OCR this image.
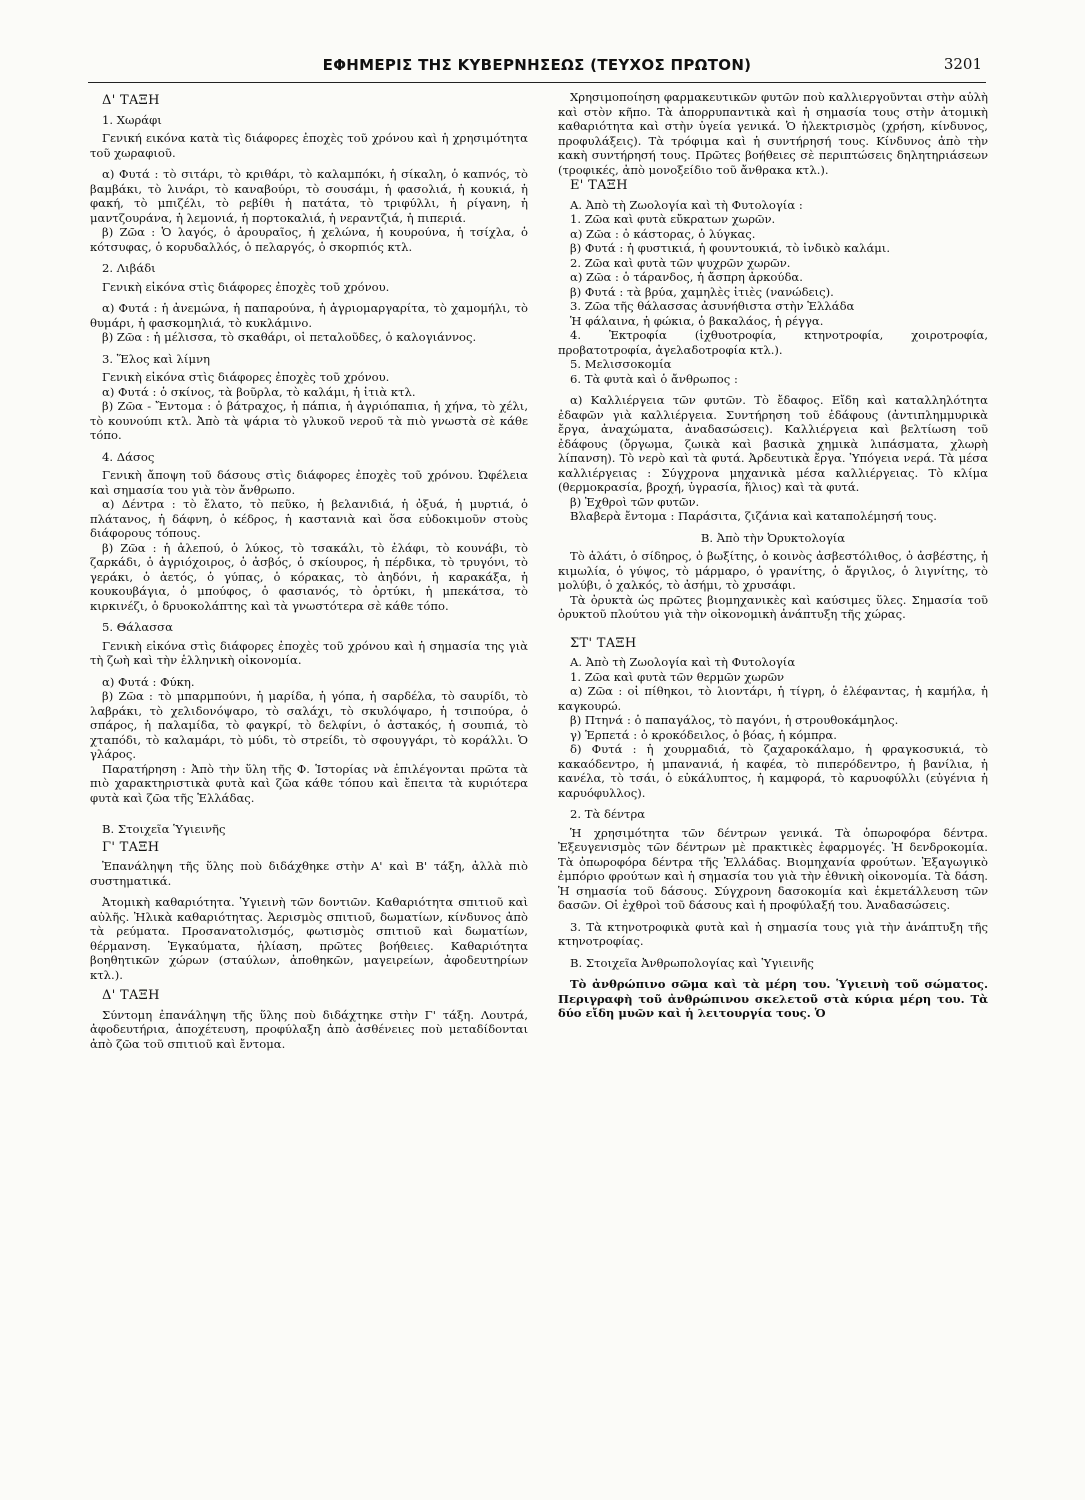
ΕΦΗΜΕΡΙΣ ΤΗΣ ΚΥΒΕΡΝΗΣΕΩΣ (ΤΕΥΧΟΣ ΠΡΩΤΟΝ)	3201
Δ' ΤΑΞΗ
1. Χωράφι

Γενική εικόνα κατὰ τὶς διάφορες ἐποχὲς τοῦ χρόνου καὶ ἡ χρησιμότητα τοῦ χωραφιοῦ.

α) Φυτά : τὸ σιτάρι, τὸ κριθάρι, τὸ καλαμπόκι, ἡ σίκαλη, ὁ καπνός, τὸ βαμβάκι, τὸ λινάρι, τὸ καναβούρι, τὸ σουσάμι, ἡ φασολιά, ἡ κουκιά, ἡ φακή, τὸ μπιζέλι, τὸ ρεβίθι ἡ πατάτα, τὸ τριφύλλι, ἡ ρίγανη, ἡ μαντζουράνα, ἡ λεμονιά, ἡ πορτοκαλιά, ἡ νεραντζιά, ἡ πιπεριά.

β) Ζῶα : Ὁ λαγός, ὁ ἀρουραῖος, ἡ χελώνα, ἡ κουρούνα, ἡ τσίχλα, ὁ κότσυφας, ὁ κορυδαλλός, ὁ πελαργός, ὁ σκορπιός κτλ.

2. Λιβάδι

Γενικὴ εἰκόνα στὶς διάφορες ἐποχὲς τοῦ χρόνου.

α) Φυτά : ἡ ἀνεμώνα, ἡ παπαρούνα, ἡ ἀγριομαργαρίτα, τὸ χαμομήλι, τὸ θυμάρι, ἡ φασκομηλιά, τὸ κυκλάμινο.

β) Ζῶα : ἡ μέλισσα, τὸ σκαθάρι, οἱ πεταλοῦδες, ὁ καλογιάννος.

3. Ἕλος καὶ λίμνη

Γενικὴ εἰκόνα στὶς διάφορες ἐποχὲς τοῦ χρόνου.

α) Φυτά : ὁ σκίνος, τὰ βοῦρλα, τὸ καλάμι, ἡ ἰτιὰ κτλ.

β) Ζῶα - Ἔντομα : ὁ βάτραχος, ἡ πάπια, ἡ ἀγριόπαπια, ἡ χήνα, τὸ χέλι, τὸ κουνούπι κτλ. Ἀπὸ τὰ ψάρια τὸ γλυκοῦ νεροῦ τὰ πιὸ γνωστὰ σὲ κάθε τόπο.

4. Δάσος

Γενικὴ ἄποψη τοῦ δάσους στὶς διάφορες ἐποχὲς τοῦ χρόνου. Ὠφέλεια καὶ σημασία του γιὰ τὸν ἄνθρωπο.

α) Δέντρα : τὸ ἔλατο, τὸ πεῦκο, ἡ βελανιδιά, ἡ ὀξυά, ἡ μυρτιά, ὁ πλάτανος, ἡ δάφνη, ὁ κέδρος, ἡ καστανιὰ καὶ ὅσα εὐδοκιμοῦν στοὺς διάφορους τόπους.

β) Ζῶα : ἡ ἀλεπού, ὁ λύκος, τὸ τσακάλι, τὸ ἐλάφι, τὸ κουνάβι, τὸ ζαρκάδι, ὁ ἀγριόχοιρος, ὁ ἀσβός, ὁ σκίουρος, ἡ πέρδικα, τὸ τρυγόνι, τὸ γεράκι, ὁ ἀετός, ὁ γύπας, ὁ κόρακας, τὸ ἀηδόνι, ἡ καρακάξα, ἡ κουκουβάγια, ὁ μπούφος, ὁ φασιανός, τὸ ὀρτύκι, ἡ μπεκάτσα, τὸ κιρκινέζι, ὁ δρυοκολάπτης καὶ τὰ γνωστότερα σὲ κάθε τόπο.

5. Θάλασσα

Γενικὴ εἰκόνα στὶς διάφορες ἐποχὲς τοῦ χρόνου καὶ ἡ σημασία της γιὰ τὴ ζωὴ καὶ τὴν ἑλληνικὴ οἰκονομία.

α) Φυτά : Φύκη.

β) Ζῶα : τὸ μπαρμπούνι, ἡ μαρίδα, ἡ γόπα, ἡ σαρδέλα, τὸ σαυρίδι, τὸ λαβράκι, τὸ χελιδονόψαρο, τὸ σαλάχι, τὸ σκυλόψαρο, ἡ τσιπούρα, ὁ σπάρος, ἡ παλαμίδα, τὸ φαγκρί, τὸ δελφίνι, ὁ ἀστακός, ἡ σουπιά, τὸ χταπόδι, τὸ καλαμάρι, τὸ μύδι, τὸ στρείδι, τὸ σφουγγάρι, τὸ κοράλλι. Ὁ γλάρος.

Παρατήρηση : Ἀπὸ τὴν ὕλη τῆς Φ. Ἱστορίας νὰ ἐπιλέγονται πρῶτα τὰ πιὸ χαρακτηριστικὰ φυτὰ καὶ ζῶα κάθε τόπου καὶ ἔπειτα τὰ κυριότερα φυτὰ καὶ ζῶα τῆς Ἑλλάδας.

Β. Στοιχεῖα Ὑγιεινῆς
Γ' ΤΑΞΗ

Ἐπανάληψη τῆς ὕλης ποὺ διδάχθηκε στὴν Α' καὶ Β' τάξη, ἀλλὰ πιὸ συστηματικά.

Ἀτομικὴ καθαριότητα. Ὑγιεινὴ τῶν δοντιῶν. Καθαριότητα σπιτιοῦ καὶ αὐλῆς. Ἠλικὰ καθαριότητας. Ἀερισμὸς σπιτιοῦ, δωματίων, κίνδυνος ἀπὸ τὰ ρεύματα. Προσανατολισμός, φωτισμὸς σπιτιοῦ καὶ δωματίων, θέρμανση. Ἐγκαύματα, ἡλίαση, πρῶτες βοήθειες. Καθαριότητα βοηθητικῶν χώρων (σταύλων, ἀποθηκῶν, μαγειρείων, ἀφοδευτηρίων κτλ.).

Δ' ΤΑΞΗ

Σύντομη ἐπανάληψη τῆς ὕλης ποὺ διδάχτηκε στὴν Γ' τάξη. Λουτρά, ἀφοδευτήρια, ἀποχέτευση, προφύλαξη ἀπὸ ἀσθένειες ποὺ μεταδίδονται ἀπὸ ζῶα τοῦ σπιτιοῦ καὶ ἔντομα.

Χρησιμοποίηση φαρμακευτικῶν φυτῶν ποὺ καλλιεργοῦνται στὴν αὐλὴ καὶ στὸν κῆπο. Τὰ ἀπορρυπαντικὰ καὶ ἡ σημασία τους στὴν ἀτομικὴ καθαριότητα καὶ στὴν ὑγεία γενικά. Ὁ ἠλεκτρισμὸς (χρήση, κίνδυνος, προφυλάξεις). Τὰ τρόφιμα καὶ ἡ συντήρησή τους. Κίνδυνος ἀπὸ τὴν κακὴ συντήρησή τους. Πρῶτες βοήθειες σὲ περιπτώσεις δηλητηριάσεων (τροφικές, ἀπὸ μονοξείδιο τοῦ ἄνθρακα κτλ.).

Ε' ΤΑΞΗ

Α. Ἀπὸ τὴ Ζωολογία καὶ τὴ Φυτολογία :

1. Ζῶα καὶ φυτὰ εὔκρατων χωρῶν.

α) Ζῶα : ὁ κάστορας, ὁ λύγκας.

β) Φυτά : ἡ φυστικιά, ἡ φουντουκιά, τὸ ἰνδικὸ καλάμι.

2. Ζῶα καὶ φυτὰ τῶν ψυχρῶν χωρῶν.

α) Ζῶα : ὁ τάρανδος, ἡ ἄσπρη ἀρκούδα.

β) Φυτά : τὰ βρύα, χαμηλὲς ἰτιὲς (νανώδεις).

3. Ζῶα τῆς θάλασσας ἀσυνήθιστα στὴν Ἑλλάδα

Ἡ φάλαινα, ἡ φώκια, ὁ βακαλάος, ἡ ρέγγα.

4. Ἐκτροφία (ἰχθυοτροφία, κτηνοτροφία, χοιροτροφία, προβατοτροφία, ἀγελαδοτροφία κτλ.).

5. Μελισσοκομία

6. Τὰ φυτὰ καὶ ὁ ἄνθρωπος :

α) Καλλιέργεια τῶν φυτῶν. Τὸ ἔδαφος. Εἴδη καὶ καταλληλότητα ἐδαφῶν γιὰ καλλιέργεια. Συντήρηση τοῦ ἐδάφους (ἀντιπλημμυρικὰ ἔργα, ἀναχώματα, ἀναδασώσεις). Καλλιέργεια καὶ βελτίωση τοῦ ἐδάφους (ὄργωμα, ζωικὰ καὶ βασικὰ χημικὰ λιπάσματα, χλωρὴ λίπανση). Τὸ νερὸ καὶ τὰ φυτά. Ἀρδευτικὰ ἔργα. Ὑπόγεια νερά. Τὰ μέσα καλλιέργειας : Σύγχρονα μηχανικὰ μέσα καλλιέργειας. Τὸ κλίμα (θερμοκρασία, βροχή, ὑγρασία, ἥλιος) καὶ τὰ φυτά.

β) Ἐχθροὶ τῶν φυτῶν.

Βλαβερὰ ἔντομα : Παράσιτα, ζιζάνια καὶ καταπολέμησή τους.

Β. Ἀπὸ τὴν Ὀρυκτολογία

Τὸ ἁλάτι, ὁ σίδηρος, ὁ βωξίτης, ὁ κοινὸς ἀσβεστόλιθος, ὁ ἀσβέστης, ἡ κιμωλία, ὁ γύψος, τὸ μάρμαρο, ὁ γρανίτης, ὁ ἄργιλος, ὁ λιγνίτης, τὸ μολύβι, ὁ χαλκός, τὸ ἀσήμι, τὸ χρυσάφι.

Τὰ ὀρυκτὰ ὡς πρῶτες βιομηχανικὲς καὶ καύσιμες ὕλες. Σημασία τοῦ ὀρυκτοῦ πλούτου γιὰ τὴν οἰκονομικὴ ἀνάπτυξη τῆς χώρας.

ΣΤ' ΤΑΞΗ

Α. Ἀπὸ τὴ Ζωολογία καὶ τὴ Φυτολογία

1. Ζῶα καὶ φυτὰ τῶν θερμῶν χωρῶν

α) Ζῶα : οἱ πίθηκοι, τὸ λιοντάρι, ἡ τίγρη, ὁ ἐλέφαντας, ἡ καμήλα, ἡ καγκουρώ.

β) Πτηνά : ὁ παπαγάλος, τὸ παγόνι, ἡ στρουθοκάμηλος.

γ) Ἑρπετά : ὁ κροκόδειλος, ὁ βόας, ἡ κόμπρα.

δ) Φυτά : ἡ χουρμαδιά, τὸ ζαχαροκάλαμο, ἡ φραγκοσυκιά, τὸ κακαόδεντρο, ἡ μπανανιά, ἡ καφέα, τὸ πιπερόδεντρο, ἡ βανίλια, ἡ κανέλα, τὸ τσάι, ὁ εὐκάλυπτος, ἡ καμφορά, τὸ καρυοφύλλι (εὐγένια ἡ καρυόφυλλος).

2. Τὰ δέντρα

Ἡ χρησιμότητα τῶν δέντρων γενικά. Τὰ ὀπωροφόρα δέντρα. Ἐξευγενισμὸς τῶν δέντρων μὲ πρακτικὲς ἐφαρμογές. Ἡ δενδροκομία. Τὰ ὀπωροφόρα δέντρα τῆς Ἑλλάδας. Βιομηχανία φρούτων. Ἐξαγωγικὸ ἐμπόριο φρούτων καὶ ἡ σημασία του γιὰ τὴν ἐθνικὴ οἰκονομία. Τὰ δάση. Ἡ σημασία τοῦ δάσους. Σύγχρονη δασοκομία καὶ ἐκμετάλλευση τῶν δασῶν. Οἱ ἐχθροὶ τοῦ δάσους καὶ ἡ προφύλαξή του. Ἀναδασώσεις.

3. Τὰ κτηνοτροφικὰ φυτὰ καὶ ἡ σημασία τους γιὰ τὴν ἀνάπτυξη τῆς κτηνοτροφίας.

Β. Στοιχεῖα Ἀνθρωπολογίας καὶ Ὑγιεινῆς

Τὸ ἀνθρώπινο σῶμα καὶ τὰ μέρη του. Ὑγιεινὴ τοῦ σώματος. Περιγραφὴ τοῦ ἀνθρώπινου σκελετοῦ στὰ κύρια μέρη του. Τὰ δύο εἴδη μυῶν καὶ ἡ λειτουργία τους. Ὁ
